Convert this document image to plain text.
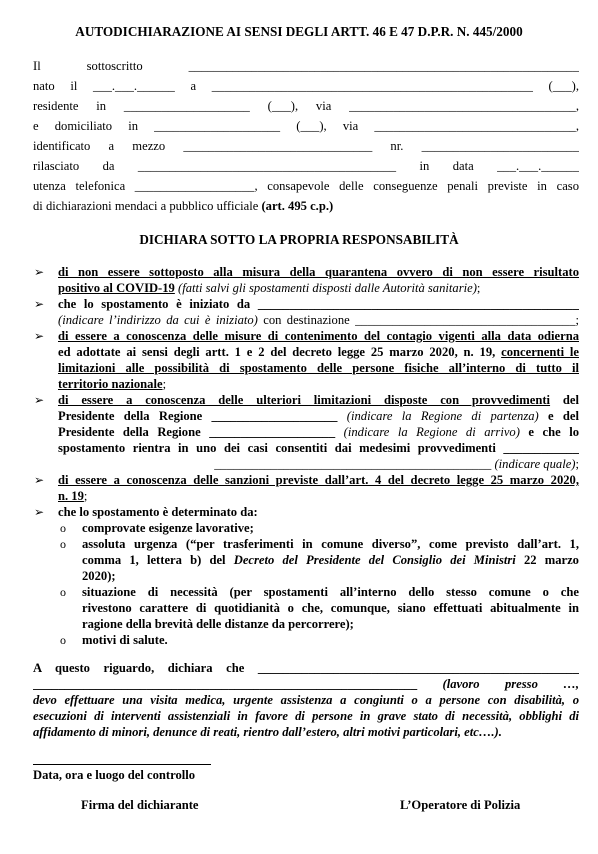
AUTODICHIARAZIONE AI SENSI DEGLI ARTT. 46 E 47 D.P.R. N. 445/2000
Il sottoscritto ______________________________________________________________
nato il ___.___.______ a ___________________________________________________ (___),
residente in ____________________ (___), via ____________________________________,
e domiciliato in ____________________ (___), via ________________________________,
identificato a mezzo ______________________________ nr. _________________________
rilasciato da _________________________________________ in data ___.___.______
utenza telefonica ___________________, consapevole delle conseguenze penali previste in caso
di dichiarazioni mendaci a pubblico ufficiale (art. 495 c.p.)
DICHIARA SOTTO LA PROPRIA RESPONSABILITÀ
➢ di non essere sottoposto alla misura della quarantena ovvero di non essere risultato
positivo al COVID-19 (fatti salvi gli spostamenti disposti dalle Autorità sanitarie);
➢ che lo spostamento è iniziato da ___________________________________________________
(indicare l’indirizzo da cui è iniziato) con destinazione ___________________________________;
➢ di essere a conoscenza delle misure di contenimento del contagio vigenti alla data odierna
ed adottate ai sensi degli artt. 1 e 2 del decreto legge 25 marzo 2020, n. 19, concernenti le
limitazioni alle possibilità di spostamento delle persone fisiche all’interno di tutto il
territorio nazionale;
➢ di essere a conoscenza delle ulteriori limitazioni disposte con provvedimenti del
Presidente della Regione ____________________ (indicare la Regione di partenza) e del
Presidente della Regione ____________________ (indicare la Regione di arrivo) e che lo
spostamento rientra in uno dei casi consentiti dai medesimi provvedimenti ____________
____________________________________________ (indicare quale);
➢ di essere a conoscenza delle sanzioni previste dall’art. 4 del decreto legge 25 marzo 2020,
n. 19;
➢ che lo spostamento è determinato da:
o comprovate esigenze lavorative;
o assoluta urgenza (“per trasferimenti in comune diverso”, come previsto dall’art. 1,
comma 1, lettera b) del Decreto del Presidente del Consiglio dei Ministri 22 marzo
2020);
o situazione di necessità (per spostamenti all’interno dello stesso comune o che
rivestono carattere di quotidianità o che, comunque, siano effettuati abitualmente in
ragione della brevità delle distanze da percorrere);
o motivi di salute.
A questo riguardo, dichiara che ___________________________________________________
_____________________________________________________________ (lavoro presso …,
devo effettuare una visita medica, urgente assistenza a congiunti o a persone con disabilità, o
esecuzioni di interventi assistenziali in favore di persone in grave stato di necessità, obblighi di
affidamento di minori, denunce di reati, rientro dall’estero, altri motivi particolari, etc….).
Data, ora e luogo del controllo
Firma del dichiarante	L’Operatore di Polizia
